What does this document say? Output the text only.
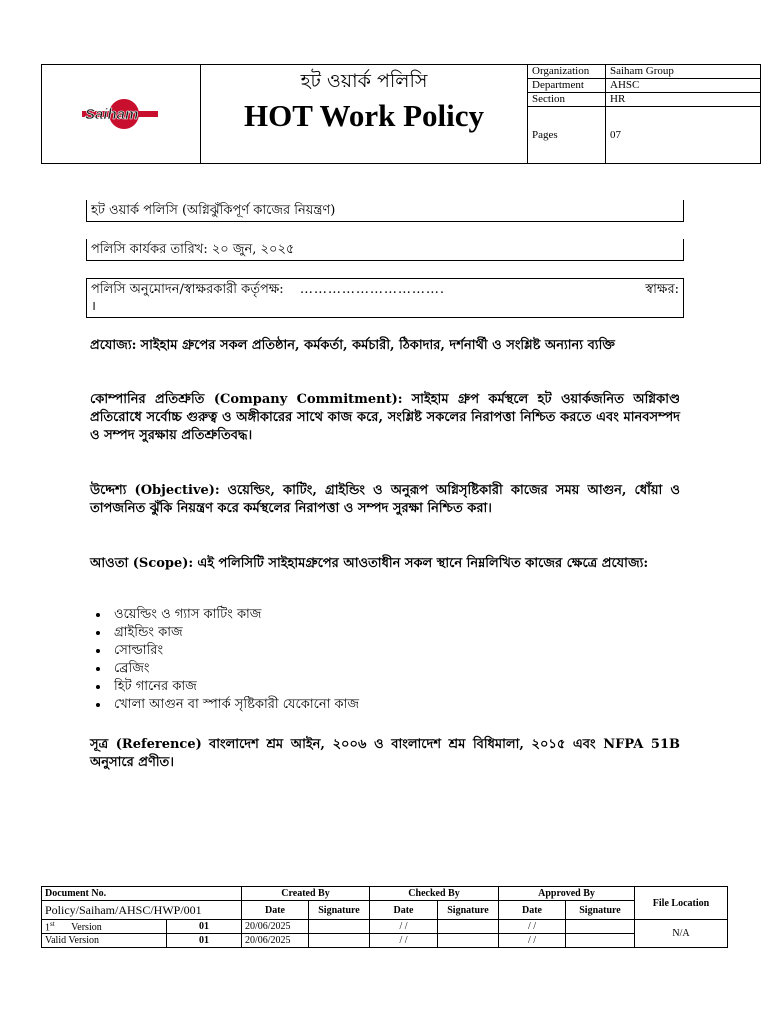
Saiham
হট ওয়ার্ক পলিসি
HOT Work Policy
Organization	Saiham Group
Department	AHSC
Section	HR
Pages	07
হট ওয়ার্ক পলিসি (অগ্নিঝুঁকিপূর্ণ কাজের নিয়ন্ত্রণ)
পলিসি কার্যকর তারিখ: ২০ জুন, ২০২৫
পলিসি অনুমোদন/স্বাক্ষরকারী কর্তৃপক্ষ: ………………………….	স্বাক্ষর:
।
প্রযোজ্য: সাইহাম গ্রুপের সকল প্রতিষ্ঠান, কর্মকর্তা, কর্মচারী, ঠিকাদার, দর্শনার্থী ও সংশ্লিষ্ট অন্যান্য ব্যক্তি
কোম্পানির প্রতিশ্রুতি (Company Commitment): সাইহাম গ্রুপ কর্মস্থলে হট ওয়ার্কজনিত অগ্নিকাণ্ড প্রতিরোধে সর্বোচ্চ গুরুত্ব ও অঙ্গীকারের সাথে কাজ করে, সংশ্লিষ্ট সকলের নিরাপত্তা নিশ্চিত করতে এবং মানবসম্পদ ও সম্পদ সুরক্ষায় প্রতিশ্রুতিবদ্ধ।
উদ্দেশ্য (Objective): ওয়েল্ডিং, কাটিং, গ্রাইন্ডিং ও অনুরূপ অগ্নিসৃষ্টিকারী কাজের সময় আগুন, ধোঁয়া ও তাপজনিত ঝুঁকি নিয়ন্ত্রণ করে কর্মস্থলের নিরাপত্তা ও সম্পদ সুরক্ষা নিশ্চিত করা।
আওতা (Scope): এই পলিসিটি সাইহামগ্রুপের আওতাধীন সকল স্থানে নিম্নলিখিত কাজের ক্ষেত্রে প্রযোজ্য:
• ওয়েল্ডিং ও গ্যাস কাটিং কাজ
• গ্রাইন্ডিং কাজ
• সোল্ডারিং
• ব্রেজিং
• হিট গানের কাজ
• খোলা আগুন বা স্পার্ক সৃষ্টিকারী যেকোনো কাজ
সূত্র (Reference) বাংলাদেশ শ্রম আইন, ২০০৬ ও বাংলাদেশ শ্রম বিধিমালা, ২০১৫ এবং NFPA 51B অনুসারে প্রণীত।
Document No.		Created By		Checked By		Approved By		File Location
Policy/Saiham/AHSC/HWP/001		Date	Signature	Date	Signature	Date	Signature	
1st Version	01	20/06/2025		/ /		/ /		N/A
Valid Version	01	20/06/2025		/ /		/ /		
